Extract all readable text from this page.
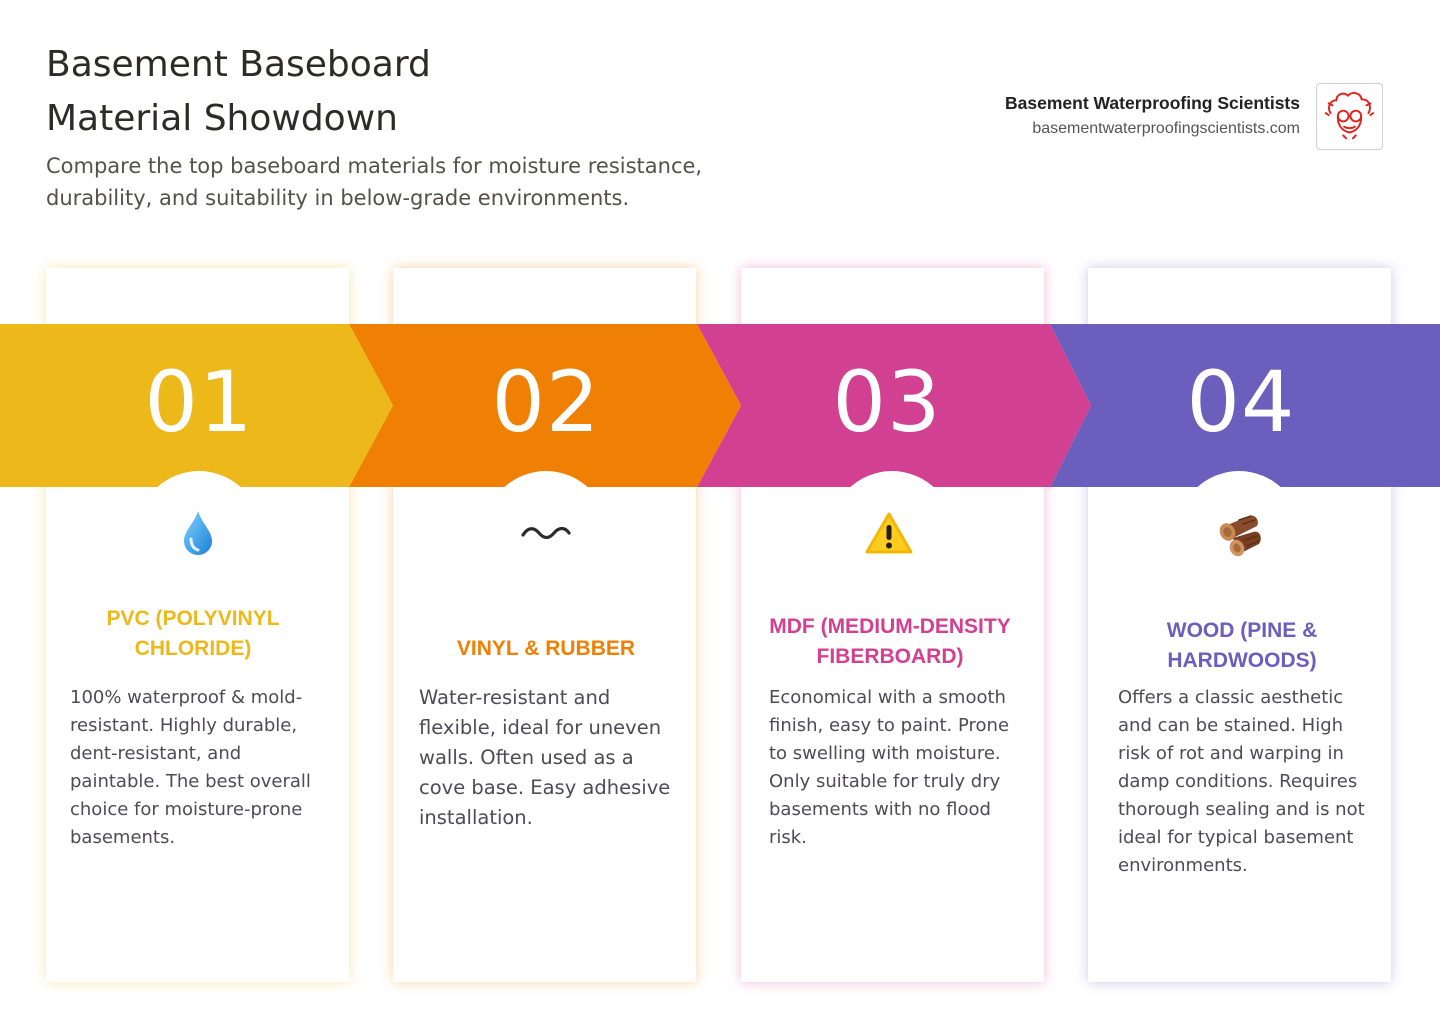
Basement Baseboard Material Showdown

Compare the top baseboard materials for moisture resistance, durability, and suitability in below-grade environments.

Basement Waterproofing Scientists
basementwaterproofingscientists.com
01	02	03	04
PVC (POLYVINYL CHLORIDE)	VINYL & RUBBER
MDF (MEDIUM-DENSITY FIBERBOARD)
WOOD (PINE & HARDWOODS)

100% waterproof & mold-resistant. Highly durable, dent-resistant, and paintable. The best overall choice for moisture-prone basements.

Water-resistant and flexible, ideal for uneven walls. Often used as a cove base. Easy adhesive installation.

Economical with a smooth finish, easy to paint. Prone to swelling with moisture. Only suitable for truly dry basements with no flood risk.

Offers a classic aesthetic and can be stained. High risk of rot and warping in damp conditions. Requires thorough sealing and is not ideal for typical basement environments.
